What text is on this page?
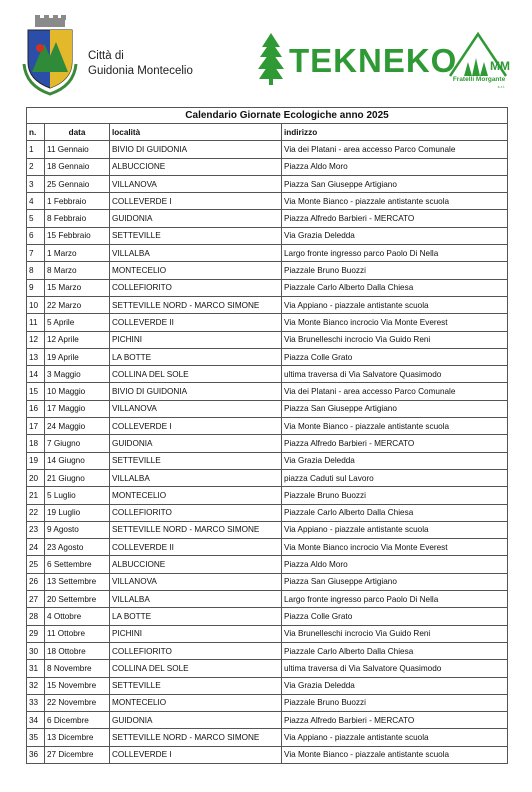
Città di
Guidonia Montecelio	TEKNEKO	MM
Fratelli Morgante
s.r.l.
Calendario Giornate Ecologiche anno 2025
n.	data	località	indirizzo
1	11 Gennaio	BIVIO DI GUIDONIA	Via dei Platani - area accesso Parco Comunale
2	18 Gennaio	ALBUCCIONE	Piazza Aldo Moro
3	25 Gennaio	VILLANOVA	Piazza San Giuseppe Artigiano
4	1 Febbraio	COLLEVERDE I	Via Monte Bianco - piazzale antistante scuola
5	8 Febbraio	GUIDONIA	Piazza Alfredo Barbieri - MERCATO
6	15 Febbraio	SETTEVILLE	Via Grazia Deledda
7	1 Marzo	VILLALBA	Largo fronte ingresso parco Paolo Di Nella
8	8 Marzo	MONTECELIO	Piazzale Bruno Buozzi
9	15 Marzo	COLLEFIORITO	Piazzale Carlo Alberto Dalla Chiesa
10	22 Marzo	SETTEVILLE NORD - MARCO SIMONE	Via Appiano - piazzale antistante scuola
11	5 Aprile	COLLEVERDE II	Via Monte Bianco incrocio Via Monte Everest
12	12 Aprile	PICHINI	Via Brunelleschi incrocio Via Guido Reni
13	19 Aprile	LA BOTTE	Piazza Colle Grato
14	3 Maggio	COLLINA DEL SOLE	ultima traversa di Via Salvatore Quasimodo
15	10 Maggio	BIVIO DI GUIDONIA	Via dei Platani - area accesso Parco Comunale
16	17 Maggio	VILLANOVA	Piazza San Giuseppe Artigiano
17	24 Maggio	COLLEVERDE I	Via Monte Bianco - piazzale antistante scuola
18	7 Giugno	GUIDONIA	Piazza Alfredo Barbieri - MERCATO
19	14 Giugno	SETTEVILLE	Via Grazia Deledda
20	21 Giugno	VILLALBA	piazza Caduti sul Lavoro
21	5 Luglio	MONTECELIO	Piazzale Bruno Buozzi
22	19 Luglio	COLLEFIORITO	Piazzale Carlo Alberto Dalla Chiesa
23	9 Agosto	SETTEVILLE NORD - MARCO SIMONE	Via Appiano - piazzale antistante scuola
24	23 Agosto	COLLEVERDE II	Via Monte Bianco incrocio Via Monte Everest
25	6 Settembre	ALBUCCIONE	Piazza Aldo Moro
26	13 Settembre	VILLANOVA	Piazza San Giuseppe Artigiano
27	20 Settembre	VILLALBA	Largo fronte ingresso parco Paolo Di Nella
28	4 Ottobre	LA BOTTE	Piazza Colle Grato
29	11 Ottobre	PICHINI	Via Brunelleschi incrocio Via Guido Reni
30	18 Ottobre	COLLEFIORITO	Piazzale Carlo Alberto Dalla Chiesa
31	8 Novembre	COLLINA DEL SOLE	ultima traversa di Via Salvatore Quasimodo
32	15 Novembre	SETTEVILLE	Via Grazia Deledda
33	22 Novembre	MONTECELIO	Piazzale Bruno Buozzi
34	6 Dicembre	GUIDONIA	Piazza Alfredo Barbieri - MERCATO
35	13 Dicembre	SETTEVILLE NORD - MARCO SIMONE	Via Appiano - piazzale antistante scuola
36	27 Dicembre	COLLEVERDE I	Via Monte Bianco - piazzale antistante scuola
